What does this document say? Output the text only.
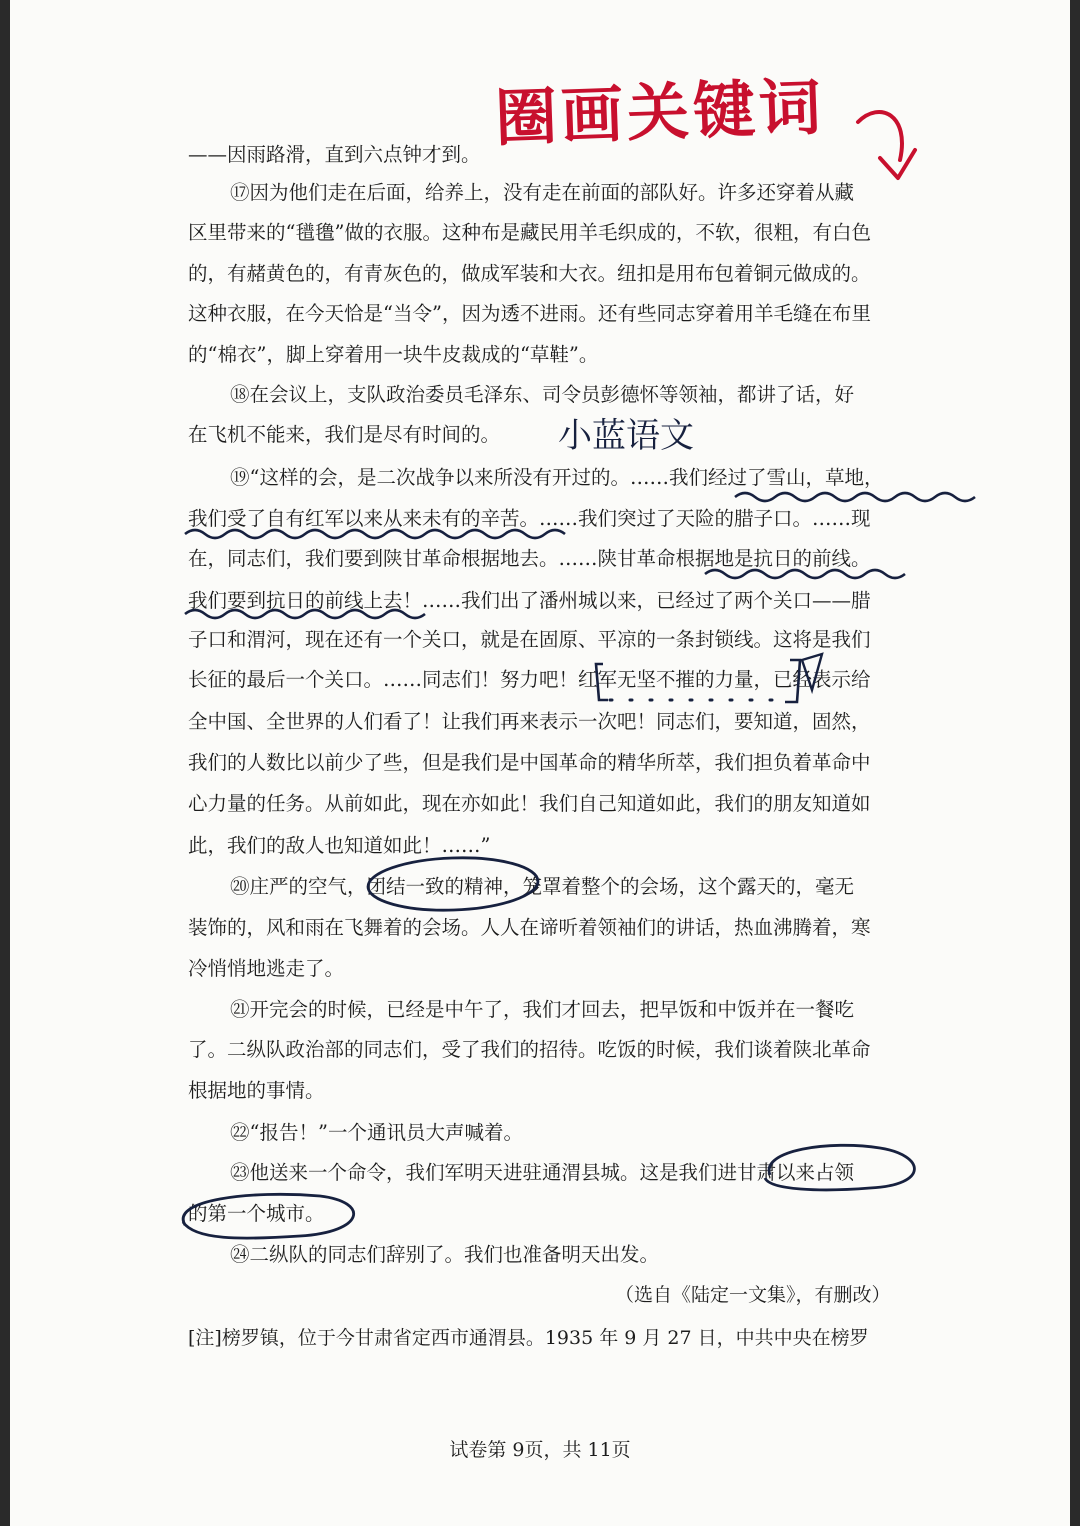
——因雨路滑，直到六点钟才到。

⑰因为他们走在后面，给养上，没有走在前面的部队好。许多还穿着从藏

区里带来的“氆氇”做的衣服。这种布是藏民用羊毛织成的，不软，很粗，有白色

的，有赭黄色的，有青灰色的，做成军装和大衣。纽扣是用布包着铜元做成的。

这种衣服，在今天恰是“当令”，因为透不进雨。还有些同志穿着用羊毛缝在布里

的“棉衣”，脚上穿着用一块牛皮裁成的“草鞋”。

⑱在会议上，支队政治委员毛泽东、司令员彭德怀等领袖，都讲了话，好

在飞机不能来，我们是尽有时间的。

⑲“这样的会，是二次战争以来所没有开过的。……我们经过了雪山，草地，

我们受了自有红军以来从来未有的辛苦。……我们突过了天险的腊子口。……现

在，同志们，我们要到陕甘革命根据地去。……陕甘革命根据地是抗日的前线。

我们要到抗日的前线上去！……我们出了潘州城以来，已经过了两个关口——腊

子口和渭河，现在还有一个关口，就是在固原、平凉的一条封锁线。这将是我们

长征的最后一个关口。……同志们！努力吧！红军无坚不摧的力量，已经表示给

全中国、全世界的人们看了！让我们再来表示一次吧！同志们，要知道，固然，

我们的人数比以前少了些，但是我们是中国革命的精华所萃，我们担负着革命中

心力量的任务。从前如此，现在亦如此！我们自己知道如此，我们的朋友知道如

此，我们的敌人也知道如此！……”

⑳庄严的空气，团结一致的精神，笼罩着整个的会场，这个露天的，毫无

装饰的，风和雨在飞舞着的会场。人人在谛听着领袖们的讲话，热血沸腾着，寒

冷悄悄地逃走了。

㉑开完会的时候，已经是中午了，我们才回去，把早饭和中饭并在一餐吃

了。二纵队政治部的同志们，受了我们的招待。吃饭的时候，我们谈着陕北革命

根据地的事情。

㉒“报告！”一个通讯员大声喊着。

㉓他送来一个命令，我们军明天进驻通渭县城。这是我们进甘肃以来占领

的第一个城市。

㉔二纵队的同志们辞别了。我们也准备明天出发。

（选自《陆定一文集》，有删改）

[注]榜罗镇，位于今甘肃省定西市通渭县。1935 年 9 月 27 日，中共中央在榜罗

试卷第 9页，共 11页
圈画关键词
小蓝语文
